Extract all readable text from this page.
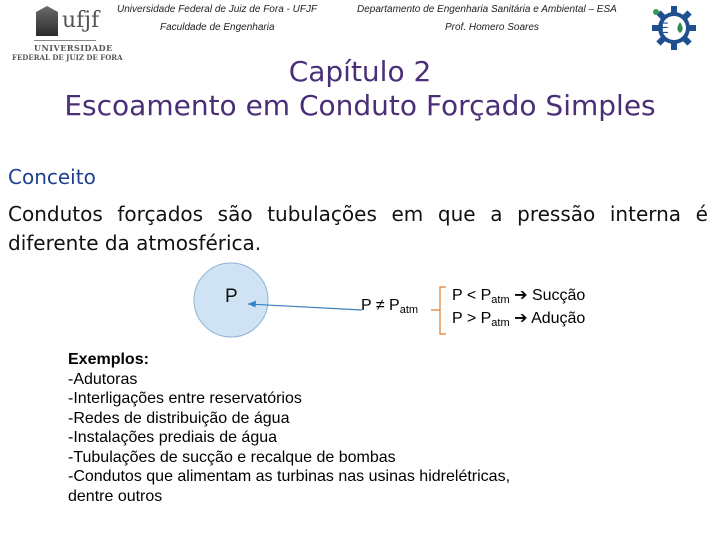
ufjf
UNIVERSIDADE
FEDERAL DE JUIZ DE FORA
Universidade Federal de Juiz de Fora - UFJF
Faculdade de Engenharia
Departamento de Engenharia Sanitária e Ambiental – ESA
Prof. Homero Soares	E
Capítulo 2
Escoamento em Conduto Forçado Simples
Conceito
Condutos forçados são tubulações em que a pressão interna é diferente da atmosférica.
P	$P \ne P_{atm}$
$P < P_{atm}$ ➔ Sucção
$P > P_{atm}$ ➔ Adução
Exemplos:
-Adutoras
-Interligações entre reservatórios
-Redes de distribuição de água
-Instalações prediais de água
-Tubulações de sucção e recalque de bombas
-Condutos que alimentam as turbinas nas usinas hidrelétricas,
dentre outros
